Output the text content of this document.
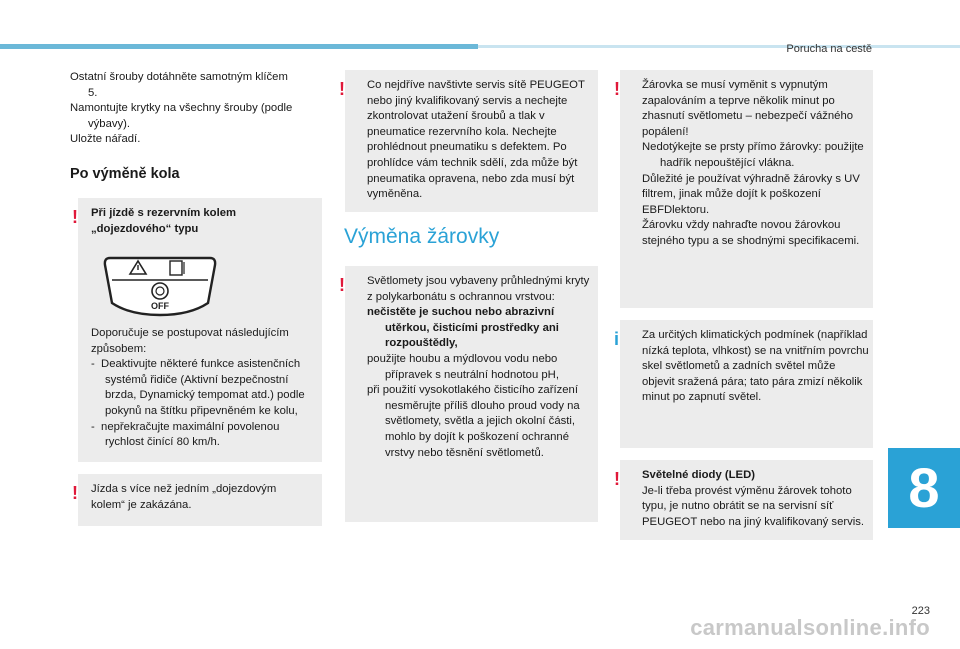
Porucha na cestě

Ostatní šrouby dotáhněte samotným klíčem 5.

Namontujte krytky na všechny šrouby (podle výbavy).

Uložte nářadí.

Po výměně kola
! Při jízdě s rezervním kolem „dojezdového“ typu

OFF

Doporučuje se postupovat následujícím způsobem:

- Deaktivujte některé funkce asistenčních systémů řidiče (Aktivní bezpečnostní brzda, Dynamický tempomat atd.) podle pokynů na štítku připevněném ke kolu,

- nepřekračujte maximální povolenou rychlost činící 80 km/h.

! Jízda s více než jedním „dojezdovým kolem“ je zakázána.

! Co nejdříve navštivte servis sítě PEUGEOT nebo jiný kvalifikovaný servis a nechejte zkontrolovat utažení šroubů a tlak v pneumatice rezervního kola. Nechejte prohlédnout pneumatiku s defektem. Po prohlídce vám technik sdělí, zda může být pneumatika opravena, nebo zda musí být vyměněna.

Výměna žárovky
! Světlomety jsou vybaveny průhlednými kryty z polykarbonátu s ochrannou vrstvou:

nečistěte je suchou nebo abrazivní utěrkou, čisticími prostředky ani rozpouštědly,

použijte houbu a mýdlovou vodu nebo přípravek s neutrální hodnotou pH,

při použití vysokotlakého čisticího zařízení nesměrujte příliš dlouho proud vody na světlomety, světla a jejich okolní části, mohlo by dojít k poškození ochranné vrstvy nebo těsnění světlometů.

! Žárovka se musí vyměnit s vypnutým zapalováním a teprve několik minut po zhasnutí světlometu – nebezpečí vážného popálení!

Nedotýkejte se prsty přímo žárovky: použijte hadřík nepouštějící vlákna.

Důležité je používat výhradně žárovky s UV filtrem, jinak může dojít k poškození EBFDlektoru.

Žárovku vždy nahraďte novou žárovkou stejného typu a se shodnými specifikacemi.

i Za určitých klimatických podmínek (například nízká teplota, vlhkost) se na vnitřním povrchu skel světlometů a zadních světel může objevit sražená pára; tato pára zmizí několik minut po zapnutí světel.

! Světelné diody (LED)

Je-li třeba provést výměnu žárovek tohoto typu, je nutno obrátit se na servisní síť PEUGEOT nebo na jiný kvalifikovaný servis.

8
223
carmanualsonline.info
